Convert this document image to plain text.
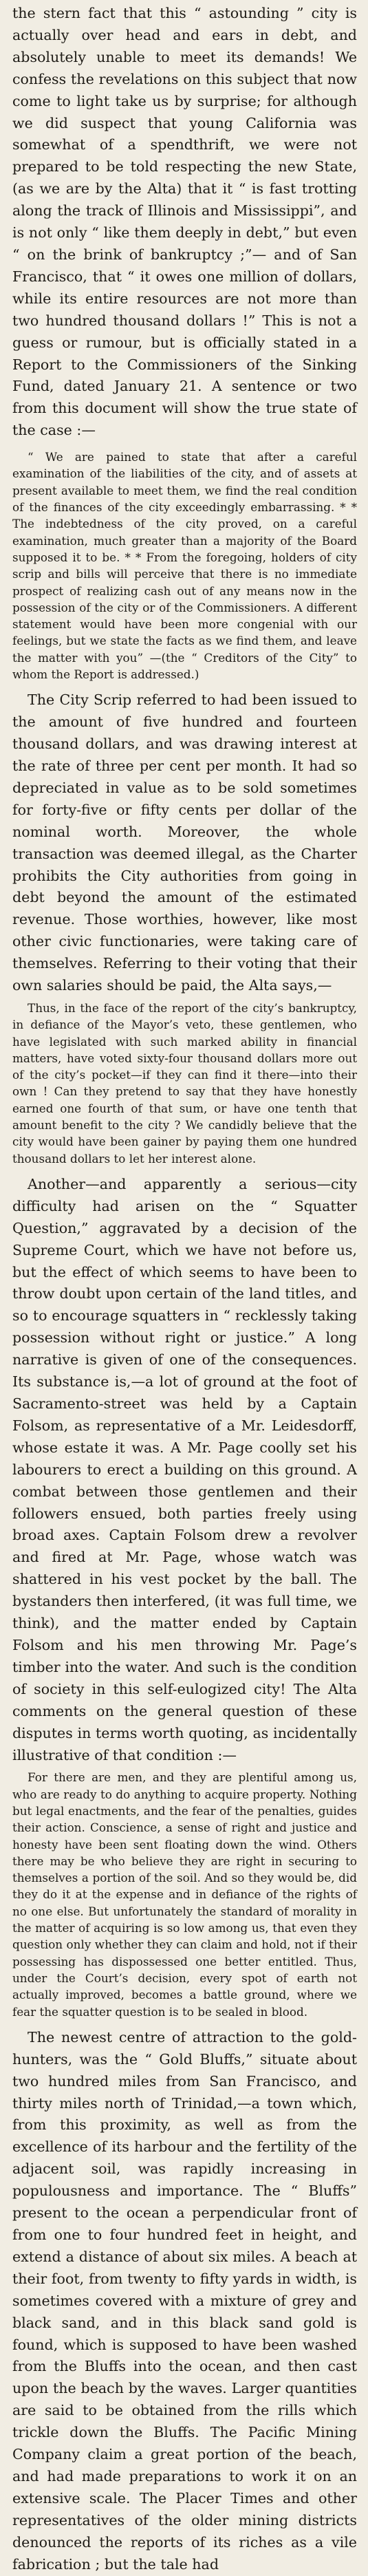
the stern fact that this “ astounding ” city is actually over head and ears in debt, and absolutely unable to meet its demands! We confess the revelations on this subject that now come to light take us by surprise; for although we did suspect that young California was somewhat of a spendthrift, we were not prepared to be told respecting the new State, (as we are by the Alta) that it “ is fast trotting along the track of Illinois and Mississippi”, and is not only “ like them deeply in debt,” but even “ on the brink of bankruptcy ;”— and of San Francisco, that “ it owes one million of dollars, while its entire resources are not more than two hundred thousand dollars !” This is not a guess or rumour, but is officially stated in a Report to the Commissioners of the Sinking Fund, dated January 21. A sentence or two from this document will show the true state of the case :—

“ We are pained to state that after a careful examination of the liabilities of the city, and of assets at present available to meet them, we find the real condition of the finances of the city exceedingly embarrassing. * * The indebtedness of the city proved, on a careful examination, much greater than a majority of the Board supposed it to be. * * From the foregoing, holders of city scrip and bills will perceive that there is no immediate prospect of realizing cash out of any means now in the possession of the city or of the Commissioners. A different statement would have been more congenial with our feelings, but we state the facts as we find them, and leave the matter with you” —(the “ Creditors of the City” to whom the Report is addressed.)

The City Scrip referred to had been issued to the amount of five hundred and fourteen thousand dollars, and was drawing interest at the rate of three per cent per month. It had so depreciated in value as to be sold sometimes for forty-five or fifty cents per dollar of the nominal worth. Moreover, the whole transaction was deemed illegal, as the Charter prohibits the City authorities from going in debt beyond the amount of the estimated revenue. Those worthies, however, like most other civic functionaries, were taking care of themselves. Referring to their voting that their own salaries should be paid, the Alta says,—

Thus, in the face of the report of the city’s bankruptcy, in defiance of the Mayor’s veto, these gentlemen, who have legislated with such marked ability in financial matters, have voted sixty-four thousand dollars more out of the city’s pocket—if they can find it there—into their own ! Can they pretend to say that they have honestly earned one fourth of that sum, or have one tenth that amount benefit to the city ? We candidly believe that the city would have been gainer by paying them one hundred thousand dollars to let her interest alone.

Another—and apparently a serious—city difficulty had arisen on the “ Squatter Question,” aggravated by a decision of the Supreme Court, which we have not before us, but the effect of which seems to have been to throw doubt upon certain of the land titles, and so to encourage squatters in “ recklessly taking possession without right or justice.” A long narrative is given of one of the consequences. Its substance is,—a lot of ground at the foot of Sacramento-street was held by a Captain Folsom, as representative of a Mr. Leidesdorff, whose estate it was. A Mr. Page coolly set his labourers to erect a building on this ground. A combat between those gentlemen and their followers ensued, both parties freely using broad axes. Captain Folsom drew a revolver and fired at Mr. Page, whose watch was shattered in his vest pocket by the ball. The bystanders then interfered, (it was full time, we think), and the matter ended by Captain Folsom and his men throwing Mr. Page’s timber into the water. And such is the condition of society in this self-eulogized city! The Alta comments on the general question of these disputes in terms worth quoting, as incidentally illustrative of that condition :—

For there are men, and they are plentiful among us, who are ready to do anything to acquire property. Nothing but legal enactments, and the fear of the penalties, guides their action. Conscience, a sense of right and justice and honesty have been sent floating down the wind. Others there may be who believe they are right in securing to themselves a portion of the soil. And so they would be, did they do it at the expense and in defiance of the rights of no one else. But unfortunately the standard of morality in the matter of acquiring is so low among us, that even they question only whether they can claim and hold, not if their possessing has dispossessed one better entitled. Thus, under the Court’s decision, every spot of earth not actually improved, becomes a battle ground, where we fear the squatter question is to be sealed in blood.

The newest centre of attraction to the gold-hunters, was the “ Gold Bluffs,” situate about two hundred miles from San Francisco, and thirty miles north of Trinidad,—a town which, from this proximity, as well as from the excellence of its harbour and the fertility of the adjacent soil, was rapidly increasing in populousness and importance. The “ Bluffs” present to the ocean a perpendicular front of from one to four hundred feet in height, and extend a distance of about six miles. A beach at their foot, from twenty to fifty yards in width, is sometimes covered with a mixture of grey and black sand, and in this black sand gold is found, which is supposed to have been washed from the Bluffs into the ocean, and then cast upon the beach by the waves. Larger quantities are said to be obtained from the rills which trickle down the Bluffs. The Pacific Mining Company claim a great portion of the beach, and had made preparations to work it on an extensive scale. The Placer Times and other representatives of the older mining districts denounced the reports of its riches as a vile fabrication ; but the tale had
